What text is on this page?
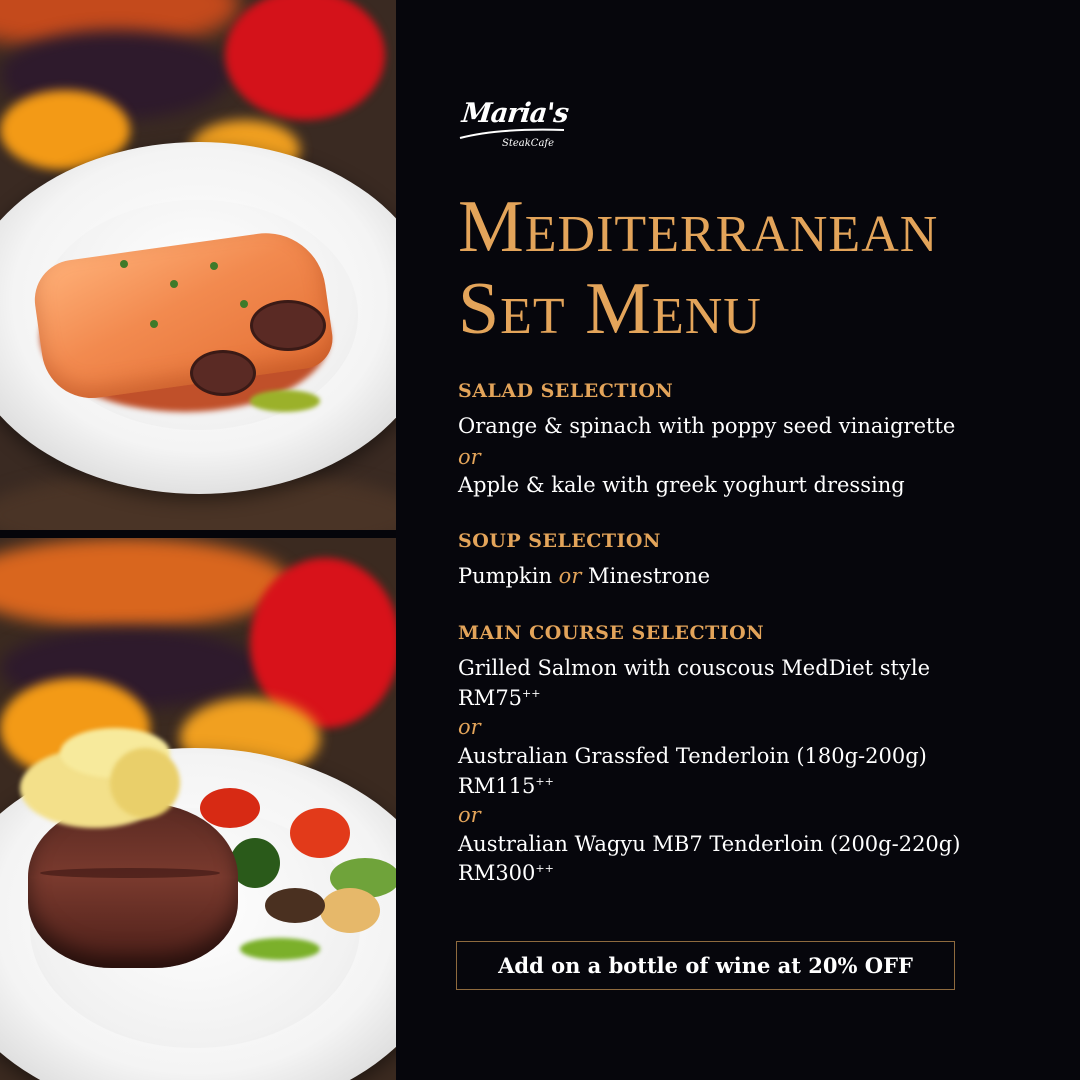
Maria's
SteakCafe
Mediterranean
Set Menu
SALAD SELECTION
Orange & spinach with poppy seed vinaigrette
or
Apple & kale with greek yoghurt dressing
SOUP SELECTION
Pumpkin or Minestrone
MAIN COURSE SELECTION
Grilled Salmon with couscous MedDiet style
RM75++
or
Australian Grassfed Tenderloin (180g-200g)
RM115++
or
Australian Wagyu MB7 Tenderloin (200g-220g)
RM300++
Add on a bottle of wine at 20% OFF
